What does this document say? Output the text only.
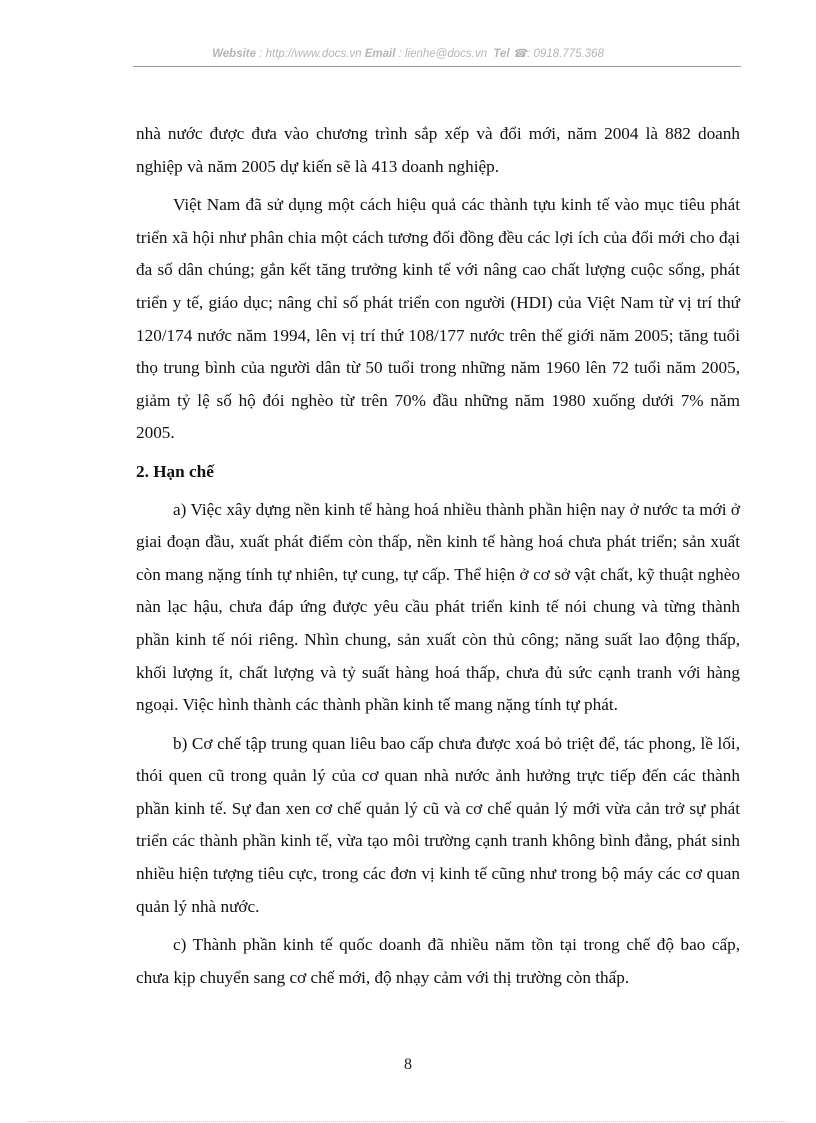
Website : http://www.docs.vn Email : lienhe@docs.vn Tel ☎: 0918.775.368

nhà nước được đưa vào chương trình sắp xếp và đổi mới, năm 2004 là 882 doanh nghiệp và năm 2005 dự kiến sẽ là 413 doanh nghiệp.

Việt Nam đã sử dụng một cách hiệu quả các thành tựu kinh tế vào mục tiêu phát triển xã hội như phân chia một cách tương đối đồng đều các lợi ích của đổi mới cho đại đa số dân chúng; gắn kết tăng trưởng kinh tế với nâng cao chất lượng cuộc sống, phát triển y tế, giáo dục; nâng chỉ số phát triển con người (HDI) của Việt Nam từ vị trí thứ 120/174 nước năm 1994, lên vị trí thứ 108/177 nước trên thế giới năm 2005; tăng tuổi thọ trung bình của người dân từ 50 tuổi trong những năm 1960 lên 72 tuổi năm 2005, giảm tỷ lệ số hộ đói nghèo từ trên 70% đầu những năm 1980 xuống dưới 7% năm 2005.

2. Hạn chế

a) Việc xây dựng nền kinh tế hàng hoá nhiều thành phần hiện nay ở nước ta mới ở giai đoạn đầu, xuất phát điểm còn thấp, nền kinh tế hàng hoá chưa phát triển; sản xuất còn mang nặng tính tự nhiên, tự cung, tự cấp. Thể hiện ở cơ sở vật chất, kỹ thuật nghèo nàn lạc hậu, chưa đáp ứng được yêu cầu phát triển kinh tế nói chung và từng thành phần kinh tế nói riêng. Nhìn chung, sản xuất còn thủ công; năng suất lao động thấp, khối lượng ít, chất lượng và tỷ suất hàng hoá thấp, chưa đủ sức cạnh tranh với hàng ngoại. Việc hình thành các thành phần kinh tế mang nặng tính tự phát.

b) Cơ chế tập trung quan liêu bao cấp chưa được xoá bỏ triệt để, tác phong, lề lối, thói quen cũ trong quản lý của cơ quan nhà nước ảnh hưởng trực tiếp đến các thành phần kinh tế. Sự đan xen cơ chế quản lý cũ và cơ chế quản lý mới vừa cản trở sự phát triển các thành phần kinh tế, vừa tạo môi trường cạnh tranh không bình đẳng, phát sinh nhiều hiện tượng tiêu cực, trong các đơn vị kinh tế cũng như trong bộ máy các cơ quan quản lý nhà nước.

c) Thành phần kinh tế quốc doanh đã nhiều năm tồn tại trong chế độ bao cấp, chưa kịp chuyển sang cơ chế mới, độ nhạy cảm với thị trường còn thấp.

8
